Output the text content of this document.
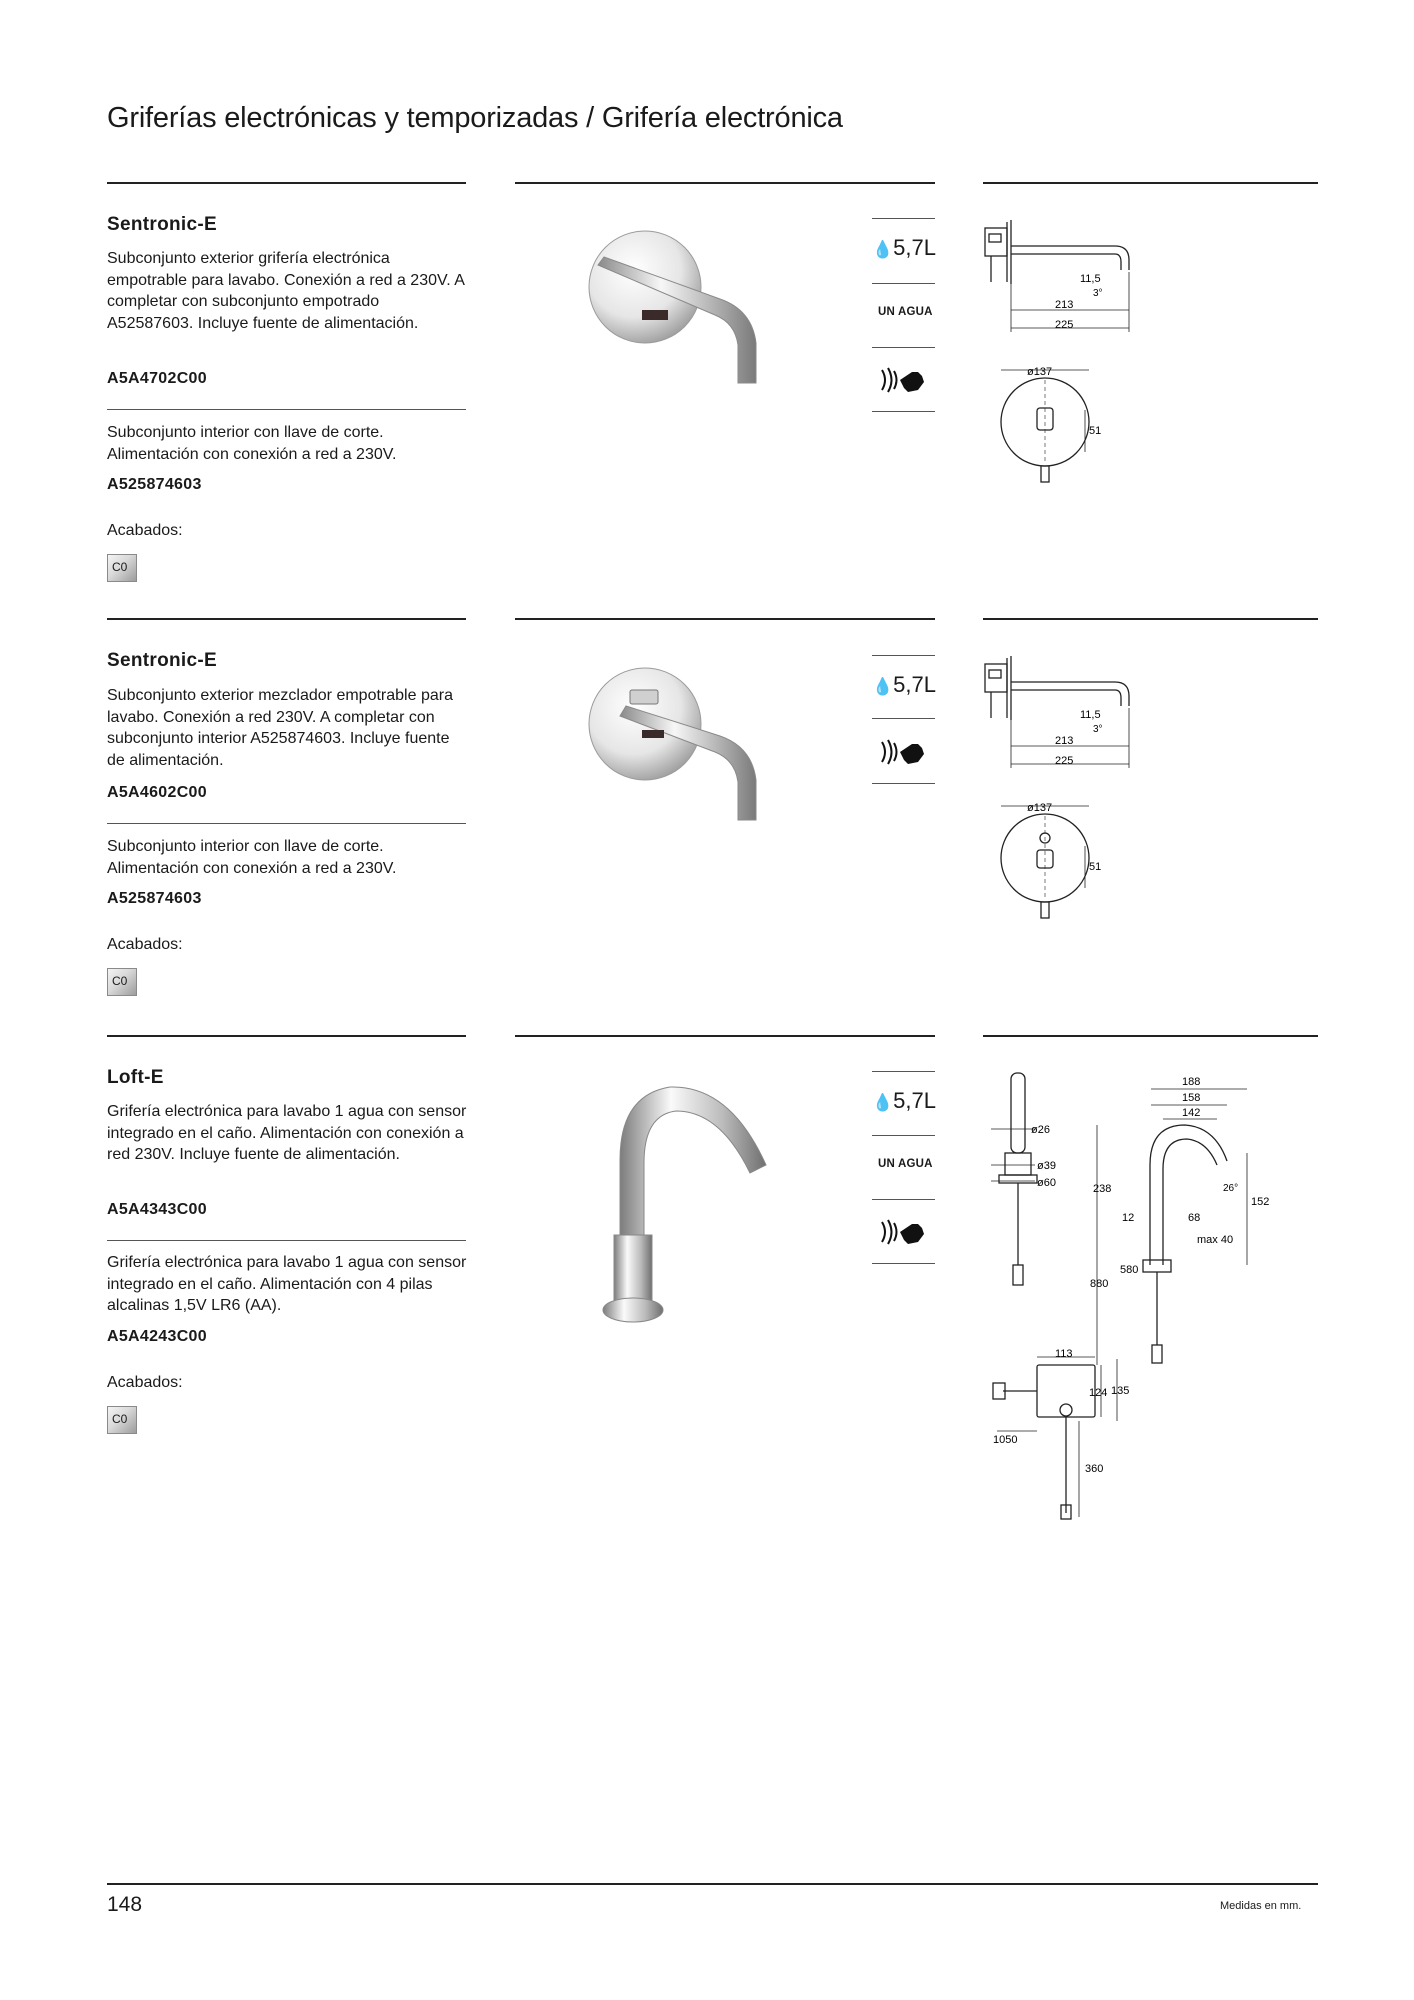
Griferías electrónicas y temporizadas / Grifería electrónica

Sentronic-E

Subconjunto exterior grifería electrónica empotrable para lavabo. Conexión a red a 230V. A completar con subconjunto empotrado A52587603. Incluye fuente de alimentación.

A5A4702C00

Subconjunto interior con llave de corte. Alimentación con conexión a red a 230V.

A525874603
Acabados:
C0
💧5,7L
UN AGUA
11,5
3°
213
225
ø137
51

Sentronic-E

Subconjunto exterior mezclador empotrable para lavabo. Conexión a red 230V. A completar con subconjunto interior A525874603. Incluye fuente de alimentación.

A5A4602C00

Subconjunto interior con llave de corte. Alimentación con conexión a red a 230V.

A525874603
Acabados:
C0
💧5,7L
11,5
3°
213
225
ø137
51

Loft-E

Grifería electrónica para lavabo 1 agua con sensor integrado en el caño. Alimentación con conexión a red 230V. Incluye fuente de alimentación.

A5A4343C00

Grifería electrónica para lavabo 1 agua con sensor integrado en el caño. Alimentación con 4 pilas alcalinas 1,5V LR6 (AA).

A5A4243C00
Acabados:
C0
💧5,7L
UN AGUA
ø26
ø39
ø60
188
158
142
238	26°
152
12	68
max 40
580
880
113
124 135
1050
360
148	Medidas en mm.
